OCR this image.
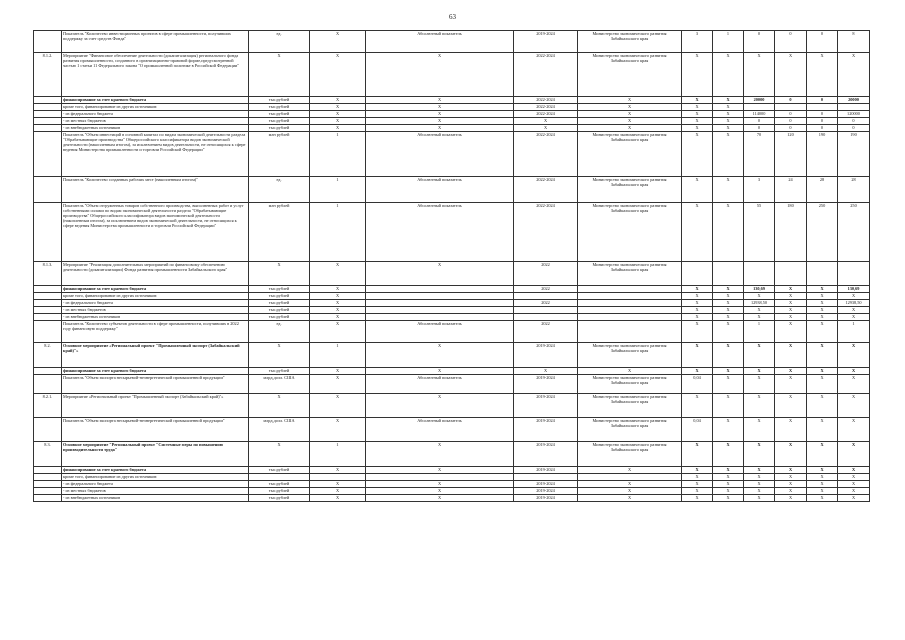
63
	Показатель "Количество инвестиционных проектов в сфере промышленности, получивших поддержку за счет средств Фонда"	ед.	Х	Абсолютный показатель	2019-2024	Министерство экономического развития Забайкальского края	3	1	0	0	0	8
8.1.2.	Мероприятие "Финансовое обеспечение деятельности (докапитализация) регионального фонда развития промышленности, созданного в организационно-правовой форме,предусмотренной частью 1 статьи 11 Федерального закона "О промышленной политике в Российской Федерации"	Х	Х	Х	2022-2024	Министерство экономического развития Забайкальского края	Х	Х	Х	Х	Х	Х
	финансирование за счет краевого бюджета	тыс.рублей	Х	Х	2022-2024	Х	Х	Х	20000	0	0	20000
	кроме того, финансирование из других источников:	тыс.рублей	Х	Х	2022-2024	Х	Х	Х				
	- из федерального бюджета	тыс.рублей	Х	Х	2022-2024	Х	Х	Х	114000	0	0	120000
	- из местных бюджетов	тыс.рублей	Х	Х	Х	Х	Х	Х	0	0	0	0
	- из внебюджетных источников	тыс.рублей	Х	Х	Х	Х	Х	Х	0	0	0	0
	Показатель "Объем инвестиций в основной капитал по видам экономической деятельности раздела "Обрабатывающие производства" Общероссийского классификатора видов экономической деятельности (накопленным итогом), за исключением видов деятельности, не относящихся к сфере ведения Министерства промышленности и торговли Российской Федерации"	млн рублей	1	Абсолютный показатель	2022-2024	Министерство экономического развития Забайкальского края	Х	Х	70	120	190	190
	Показатель "Количество созданных рабочих мест (накопленным итогом)"	ед.	1	Абсолютный показатель	2022-2024	Министерство экономического развития Забайкальского края	Х	Х	3	24	28	28
	Показатель "Объем отгруженных товаров собственного производства, выполненных работ и услуг собственными силами по видам экономической деятельности раздела "Обрабатывающие производства" Общероссийского классификатора видов экономической деятельности (накопленным итогом), за исключением видов экономической деятельности, не относящихся к сфере ведения Министерства промышленности и торговли Российской Федерации"	млн рублей	1	Абсолютный показатель	2022-2024	Министерство экономического развития Забайкальского края	Х	Х	55	180	250	250
8.1.3.	Мероприятие "Реализация дополнительных мероприятий по финансовому обеспечению деятельности (докапитализации) Фонда развития промышленности Забайкальского края"	Х	Х	Х	2022	Министерство экономического развития Забайкальского края						
	финансирование за счет краевого бюджета	тыс.рублей	Х		2022		Х	Х	130,69	Х	Х	130,69
	кроме того, финансирование из других источников:	тыс.рублей	Х				Х	Х	Х	Х	Х	Х
	- из федерального бюджета	тыс.рублей	Х		2022		Х	Х	12938,50	Х	Х	12938,50
	- из местных бюджетов	тыс.рублей	Х				Х	Х	Х	Х	Х	Х
	- из внебюджетных источников	тыс.рублей	Х				Х	Х	Х	Х	Х	Х
	Показатель "Количество субъектов деятельности в сфере промышленности, получивших в 2022 году финансовую поддержку"	ед.	Х	Абсолютный показатель	2022		Х	Х	1	Х	Х	1
8.2.	Основное мероприятие «Региональный проект "Промышленный экспорт (Забайкальский край)"»	Х	1	Х	2019-2024	Министерство экономического развития Забайкальского края	Х	Х	Х	Х	Х	Х
	финансирование за счет краевого бюджета	тыс.рублей	Х	Х	Х	Х	Х	Х	Х	Х	Х	Х
	Показатель "Объем экспорта несырьевой-неэнергетической промышленной продукции"	млрд.долл. США	Х	Абсолютный показатель	2019-2024	Министерство экономического развития Забайкальского края	0,04	Х	Х	Х	Х	Х
8.2.1.	Мероприятие «Региональный проект "Промышленный экспорт (Забайкальский край)"»	Х	Х	Х	2019-2024	Министерство экономического развития Забайкальского края	Х	Х	Х	Х	Х	Х
	Показатель "Объем экспорта несырьевой-неэнергетической промышленной продукции"	млрд.долл. США	Х	Абсолютный показатель	2019-2024	Министерство экономического развития Забайкальского края	0,04	Х	Х	Х	Х	Х
8.3.	Основное мероприятие "Региональный проект "Системные меры по повышению производительности труда"	Х	1	Х	2019-2024	Министерство экономического развития Забайкальского края	Х	Х	Х	Х	Х	Х
	финансирование за счет краевого бюджета	тыс.рублей	Х	Х	2019-2024	Х	Х	Х	Х	Х	Х	Х
	кроме того, финансирование из других источников:						Х	Х	Х	Х	Х	Х
	- из федерального бюджета	тыс.рублей	Х	Х	2019-2024	Х	Х	Х	Х	Х	Х	Х
	- из местных бюджетов	тыс.рублей	Х	Х	2019-2024	Х	Х	Х	Х	Х	Х	Х
	- из внебюджетных источников	тыс.рублей	Х	Х	2019-2024	Х	Х	Х	Х	Х	Х	Х
